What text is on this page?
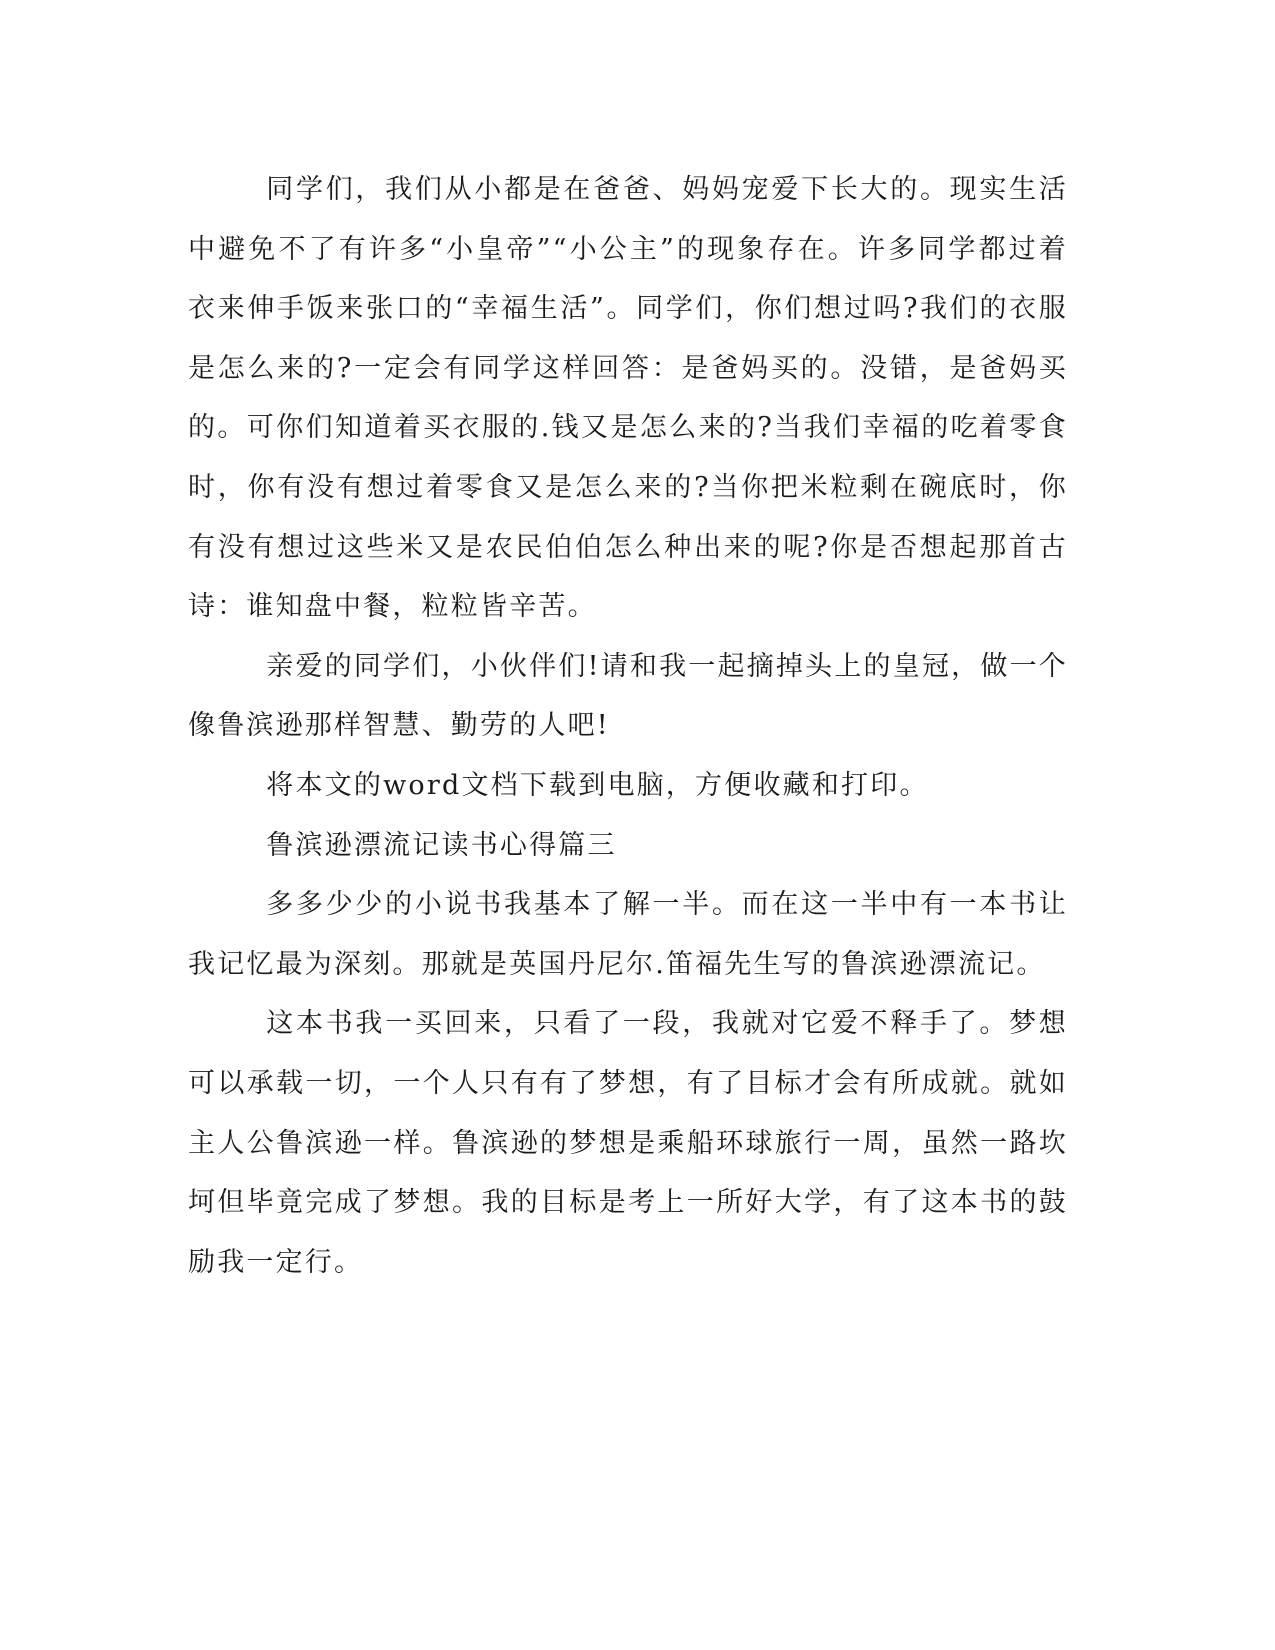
同学们，我们从小都是在爸爸、妈妈宠爱下长大的。现实生活中避免不了有许多“小皇帝”“小公主”的现象存在。许多同学都过着衣来伸手饭来张口的“幸福生活”。同学们，你们想过吗?我们的衣服是怎么来的?一定会有同学这样回答：是爸妈买的。没错，是爸妈买的。可你们知道着买衣服的.钱又是怎么来的?当我们幸福的吃着零食时，你有没有想过着零食又是怎么来的?当你把米粒剩在碗底时，你有没有想过这些米又是农民伯伯怎么种出来的呢?你是否想起那首古诗：谁知盘中餐，粒粒皆辛苦。

亲爱的同学们，小伙伴们!请和我一起摘掉头上的皇冠，做一个像鲁滨逊那样智慧、勤劳的人吧!

将本文的word文档下载到电脑，方便收藏和打印。

鲁滨逊漂流记读书心得篇三

多多少少的小说书我基本了解一半。而在这一半中有一本书让我记忆最为深刻。那就是英国丹尼尔.笛福先生写的鲁滨逊漂流记。

这本书我一买回来，只看了一段，我就对它爱不释手了。梦想可以承载一切，一个人只有有了梦想，有了目标才会有所成就。就如主人公鲁滨逊一样。鲁滨逊的梦想是乘船环球旅行一周，虽然一路坎坷但毕竟完成了梦想。我的目标是考上一所好大学，有了这本书的鼓励我一定行。
